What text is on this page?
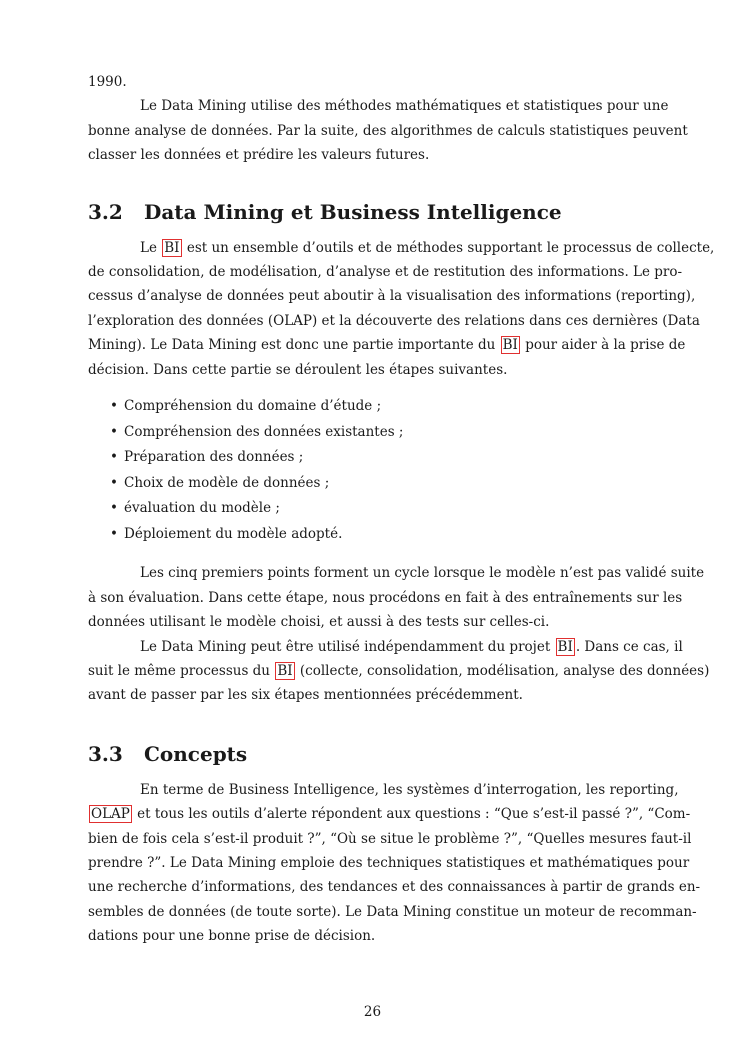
1990.
Le Data Mining utilise des méthodes mathématiques et statistiques pour une
bonne analyse de données. Par la suite, des algorithmes de calculs statistiques peuvent
classer les données et prédire les valeurs futures.
3.2 Data Mining et Business Intelligence
Le BI est un ensemble d’outils et de méthodes supportant le processus de collecte,
de consolidation, de modélisation, d’analyse et de restitution des informations. Le pro-
cessus d’analyse de données peut aboutir à la visualisation des informations (reporting),
l’exploration des données (OLAP) et la découverte des relations dans ces dernières (Data
Mining). Le Data Mining est donc une partie importante du BI pour aider à la prise de
décision. Dans cette partie se déroulent les étapes suivantes.
• Compréhension du domaine d’étude ;
• Compréhension des données existantes ;
• Préparation des données ;
• Choix de modèle de données ;
• évaluation du modèle ;
• Déploiement du modèle adopté.
Les cinq premiers points forment un cycle lorsque le modèle n’est pas validé suite
à son évaluation. Dans cette étape, nous procédons en fait à des entraînements sur les
données utilisant le modèle choisi, et aussi à des tests sur celles-ci.
Le Data Mining peut être utilisé indépendamment du projet BI . Dans ce cas, il
suit le même processus du BI (collecte, consolidation, modélisation, analyse des données)
avant de passer par les six étapes mentionnées précédemment.
3.3 Concepts
En terme de Business Intelligence, les systèmes d’interrogation, les reporting,
OLAP et tous les outils d’alerte répondent aux questions : “Que s’est-il passé ?”, “Com-
bien de fois cela s’est-il produit ?”, “Où se situe le problème ?”, “Quelles mesures faut-il
prendre ?”. Le Data Mining emploie des techniques statistiques et mathématiques pour
une recherche d’informations, des tendances et des connaissances à partir de grands en-
sembles de données (de toute sorte). Le Data Mining constitue un moteur de recomman-
dations pour une bonne prise de décision.
26
